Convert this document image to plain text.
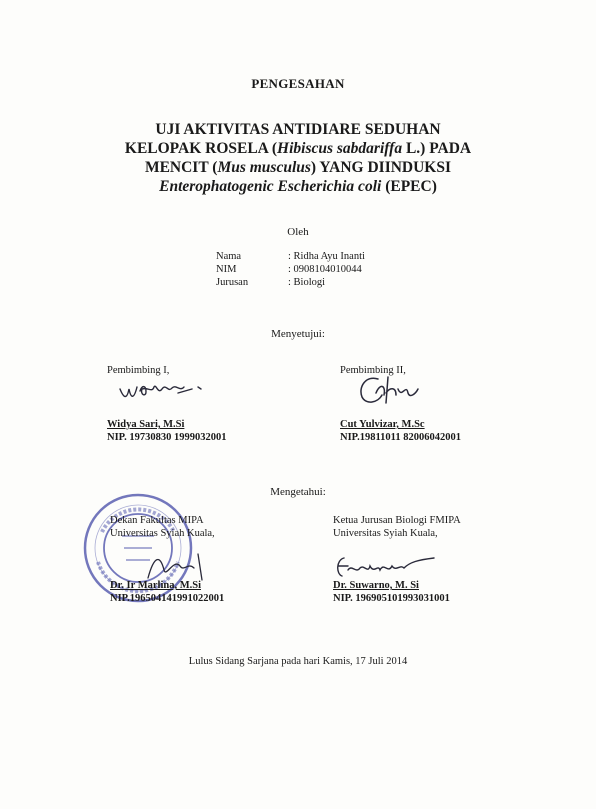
PENGESAHAN
UJI AKTIVITAS ANTIDIARE SEDUHAN
KELOPAK ROSELA (Hibiscus sabdariffa L.) PADA
MENCIT (Mus musculus) YANG DIINDUKSI
Enterophatogenic Escherichia coli (EPEC)
Oleh
Nama	: Ridha Ayu Inanti
NIM	: 0908104010044
Jurusan	: Biologi
Menyetujui:
Pembimbing I,
Widya Sari, M.Si
NIP. 19730830 1999032001
Pembimbing II,
Cut Yulvizar, M.Sc
NIP.19811011 82006042001
Mengetahui:
Dekan Fakultas MIPA
Universitas Syiah Kuala,
Dr. Ir Marlina, M.Si
NIP.196504141991022001
Ketua Jurusan Biologi FMIPA
Universitas Syiah Kuala,
Dr. Suwarno, M. Si
NIP. 196905101993031001
Lulus Sidang Sarjana pada hari Kamis, 17 Juli 2014
